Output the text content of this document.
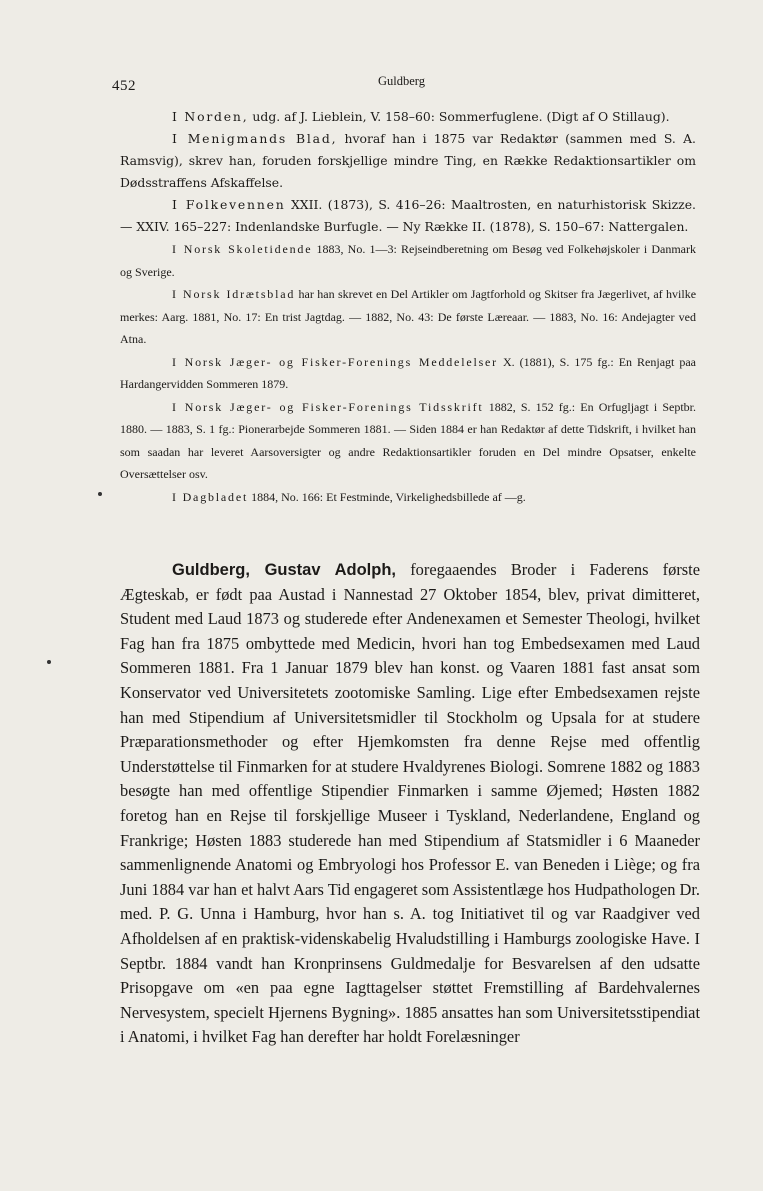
452	Guldberg

I Norden, udg. af J. Lieblein, V. 158–60: Sommerfuglene. (Digt af O Stillaug).

I Menigmands Blad, hvoraf han i 1875 var Redaktør (sammen med S. A. Ramsvig), skrev han, foruden forskjellige mindre Ting, en Række Redaktionsartikler om Dødsstraffens Afskaffelse.

I Folkevennen XXII. (1873), S. 416–26: Maaltrosten, en naturhistorisk Skizze. — XXIV. 165–227: Indenlandske Burfugle. — Ny Række II. (1878), S. 150–67: Nattergalen.

I Norsk Skoletidende 1883, No. 1—3: Rejseindberetning om Besøg ved Folkehøjskoler i Danmark og Sverige.

I Norsk Idrætsblad har han skrevet en Del Artikler om Jagtforhold og Skitser fra Jægerlivet, af hvilke merkes: Aarg. 1881, No. 17: En trist Jagtdag. — 1882, No. 43: De første Læreaar. — 1883, No. 16: Andejagter ved Atna.

I Norsk Jæger- og Fisker-Forenings Meddelelser X. (1881), S. 175 fg.: En Renjagt paa Hardangervidden Sommeren 1879.

I Norsk Jæger- og Fisker-Forenings Tidsskrift 1882, S. 152 fg.: En Orfugljagt i Septbr. 1880. — 1883, S. 1 fg.: Pionerarbejde Sommeren 1881. — Siden 1884 er han Redaktør af dette Tidskrift, i hvilket han som saadan har leveret Aarsoversigter og andre Redaktionsartikler foruden en Del mindre Opsatser, enkelte Oversættelser osv.

I Dagbladet 1884, No. 166: Et Festminde, Virkelighedsbillede af —g.

Guldberg, Gustav Adolph, foregaaendes Broder i Faderens første Ægteskab, er født paa Austad i Nannestad 27 Oktober 1854, blev, privat dimitteret, Student med Laud 1873 og studerede efter Andenexamen et Semester Theologi, hvilket Fag han fra 1875 ombyttede med Medicin, hvori han tog Embedsexamen med Laud Sommeren 1881. Fra 1 Januar 1879 blev han konst. og Vaaren 1881 fast ansat som Konservator ved Universitetets zootomiske Samling. Lige efter Embedsexamen rejste han med Stipendium af Universitetsmidler til Stockholm og Upsala for at studere Præparationsmethoder og efter Hjemkomsten fra denne Rejse med offentlig Understøttelse til Finmarken for at studere Hvaldyrenes Biologi. Somrene 1882 og 1883 besøgte han med offentlige Stipendier Finmarken i samme Øjemed; Høsten 1882 foretog han en Rejse til forskjellige Museer i Tyskland, Nederlandene, England og Frankrige; Høsten 1883 studerede han med Stipendium af Statsmidler i 6 Maaneder sammenlignende Anatomi og Embryologi hos Professor E. van Beneden i Liège; og fra Juni 1884 var han et halvt Aars Tid engageret som Assistentlæge hos Hudpathologen Dr. med. P. G. Unna i Hamburg, hvor han s. A. tog Initiativet til og var Raadgiver ved Afholdelsen af en praktisk-videnskabelig Hvaludstilling i Hamburgs zoologiske Have. I Septbr. 1884 vandt han Kronprinsens Guldmedalje for Besvarelsen af den udsatte Prisopgave om «en paa egne Iagttagelser støttet Fremstilling af Bardehvalernes Nervesystem, specielt Hjernens Bygning». 1885 ansattes han som Universitetsstipendiat i Anatomi, i hvilket Fag han derefter har holdt Forelæsninger
